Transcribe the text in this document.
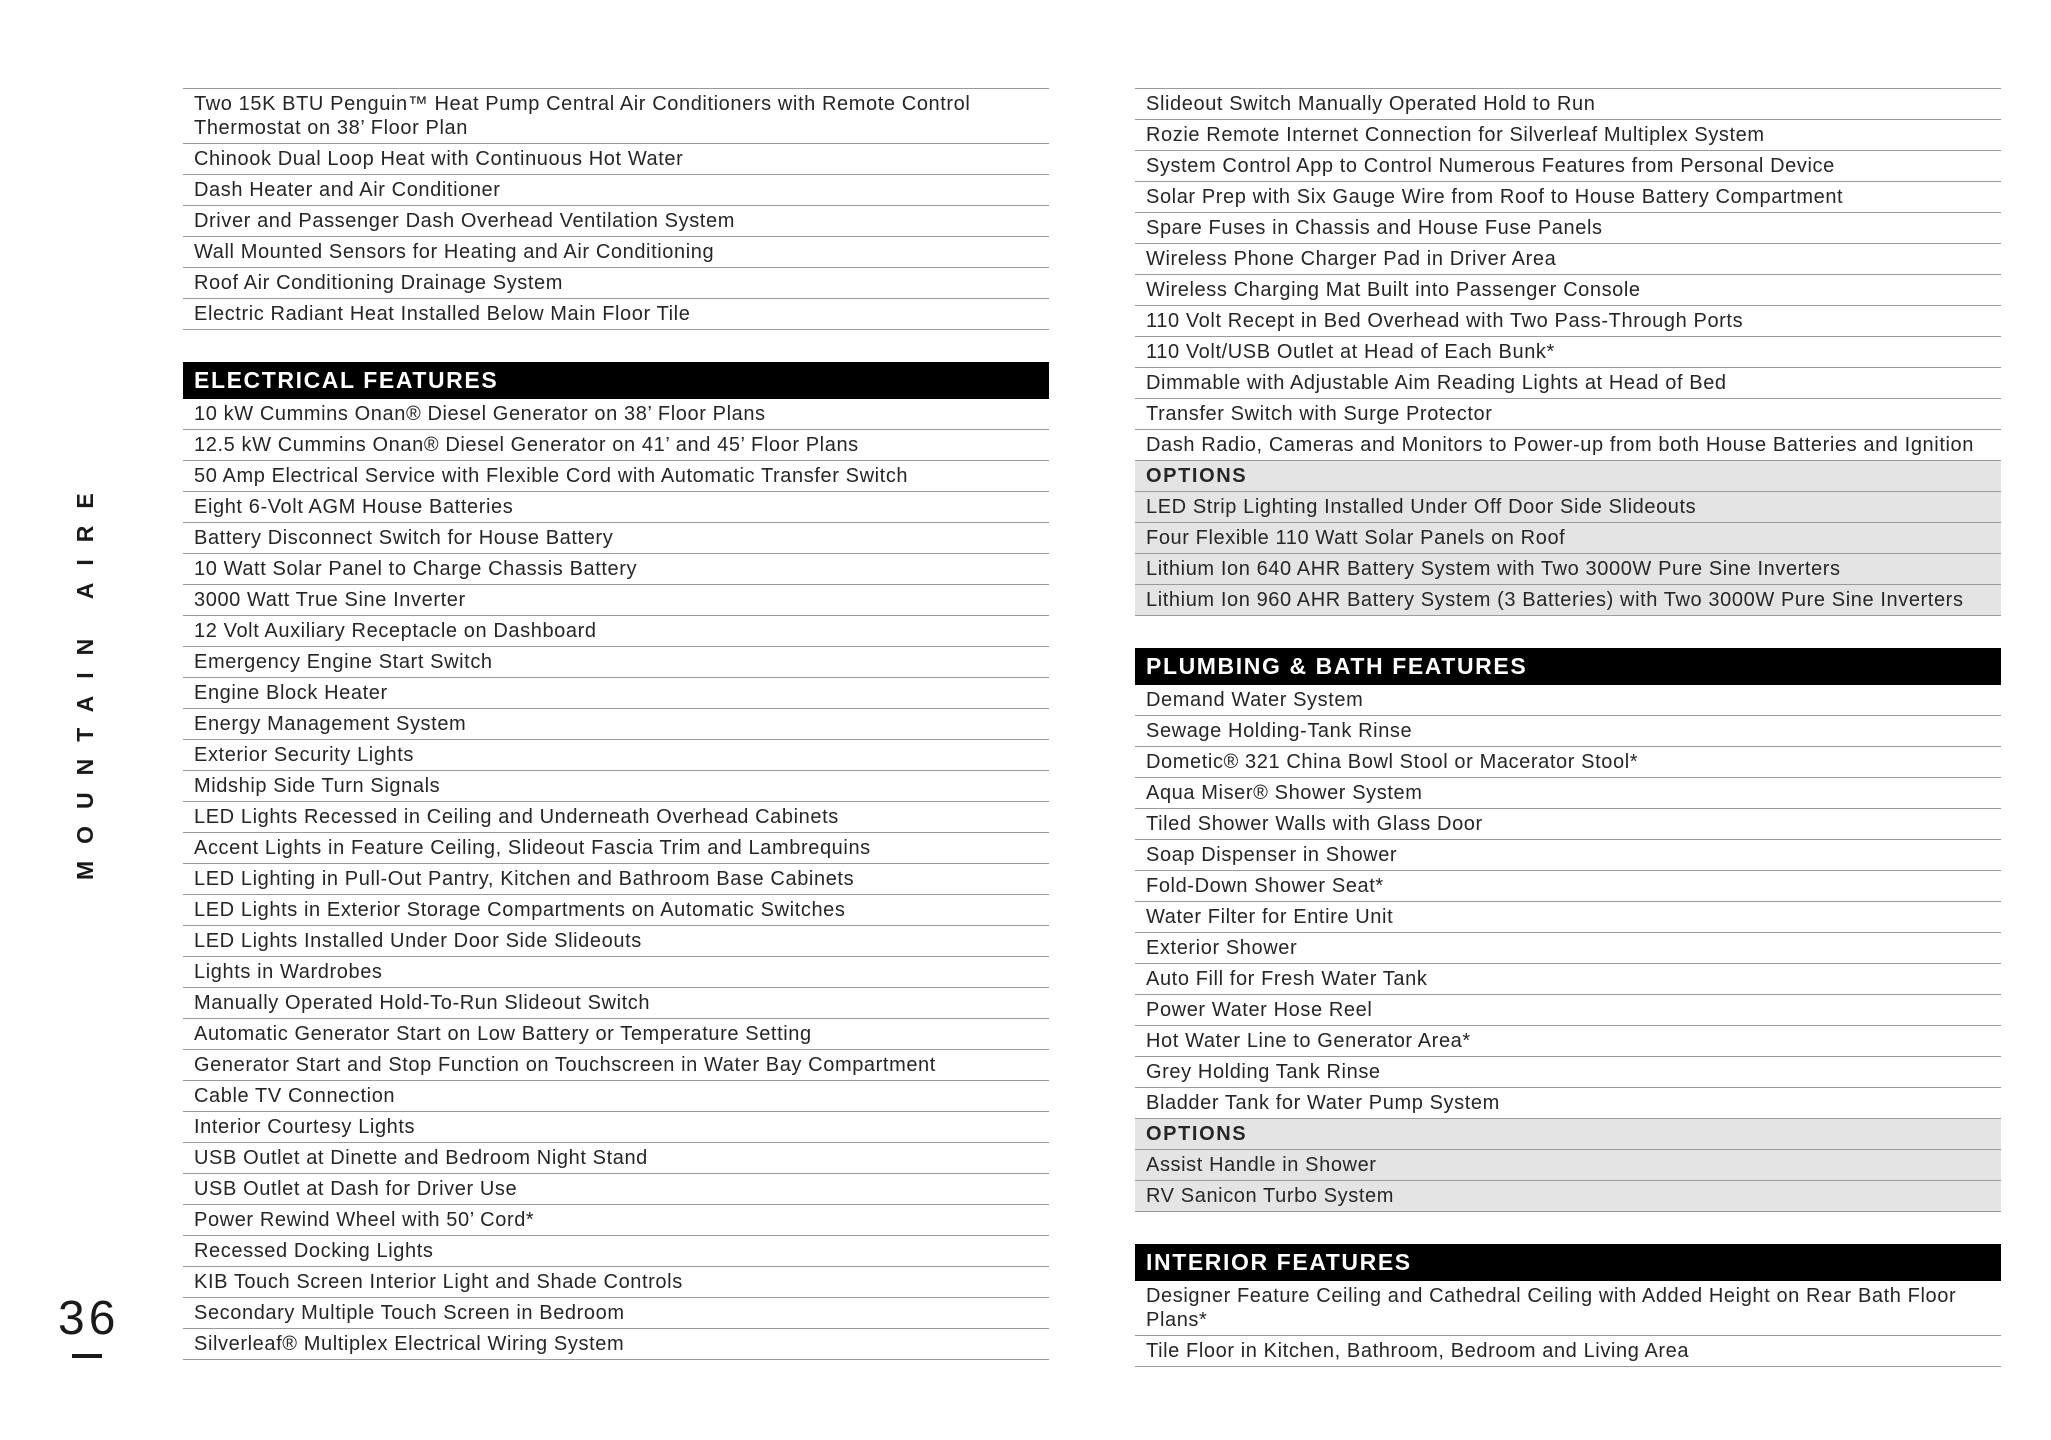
MOUNTAIN AIRE
36
Two 15K BTU Penguin™ Heat Pump Central Air Conditioners with Remote Control Thermostat on 38’ Floor Plan
Chinook Dual Loop Heat with Continuous Hot Water
Dash Heater and Air Conditioner
Driver and Passenger Dash Overhead Ventilation System
Wall Mounted Sensors for Heating and Air Conditioning
Roof Air Conditioning Drainage System
Electric Radiant Heat Installed Below Main Floor Tile
ELECTRICAL FEATURES
10 kW Cummins Onan® Diesel Generator on 38’ Floor Plans
12.5 kW Cummins Onan® Diesel Generator on 41’ and 45’ Floor Plans
50 Amp Electrical Service with Flexible Cord with Automatic Transfer Switch
Eight 6-Volt AGM House Batteries
Battery Disconnect Switch for House Battery
10 Watt Solar Panel to Charge Chassis Battery
3000 Watt True Sine Inverter
12 Volt Auxiliary Receptacle on Dashboard
Emergency Engine Start Switch
Engine Block Heater
Energy Management System
Exterior Security Lights
Midship Side Turn Signals
LED Lights Recessed in Ceiling and Underneath Overhead Cabinets
Accent Lights in Feature Ceiling, Slideout Fascia Trim and Lambrequins
LED Lighting in Pull-Out Pantry, Kitchen and Bathroom Base Cabinets
LED Lights in Exterior Storage Compartments on Automatic Switches
LED Lights Installed Under Door Side Slideouts
Lights in Wardrobes
Manually Operated Hold-To-Run Slideout Switch
Automatic Generator Start on Low Battery or Temperature Setting
Generator Start and Stop Function on Touchscreen in Water Bay Compartment
Cable TV Connection
Interior Courtesy Lights
USB Outlet at Dinette and Bedroom Night Stand
USB Outlet at Dash for Driver Use
Power Rewind Wheel with 50’ Cord*
Recessed Docking Lights
KIB Touch Screen Interior Light and Shade Controls
Secondary Multiple Touch Screen in Bedroom
Silverleaf® Multiplex Electrical Wiring System
Slideout Switch Manually Operated Hold to Run
Rozie Remote Internet Connection for Silverleaf Multiplex System
System Control App to Control Numerous Features from Personal Device
Solar Prep with Six Gauge Wire from Roof to House Battery Compartment
Spare Fuses in Chassis and House Fuse Panels
Wireless Phone Charger Pad in Driver Area
Wireless Charging Mat Built into Passenger Console
110 Volt Recept in Bed Overhead with Two Pass-Through Ports
110 Volt/USB Outlet at Head of Each Bunk*
Dimmable with Adjustable Aim Reading Lights at Head of Bed
Transfer Switch with Surge Protector
Dash Radio, Cameras and Monitors to Power-up from both House Batteries and Ignition
OPTIONS
LED Strip Lighting Installed Under Off Door Side Slideouts
Four Flexible 110 Watt Solar Panels on Roof
Lithium Ion 640 AHR Battery System with Two 3000W Pure Sine Inverters
Lithium Ion 960 AHR Battery System (3 Batteries) with Two 3000W Pure Sine Inverters
PLUMBING & BATH FEATURES
Demand Water System
Sewage Holding-Tank Rinse
Dometic® 321 China Bowl Stool or Macerator Stool*
Aqua Miser® Shower System
Tiled Shower Walls with Glass Door
Soap Dispenser in Shower
Fold-Down Shower Seat*
Water Filter for Entire Unit
Exterior Shower
Auto Fill for Fresh Water Tank
Power Water Hose Reel
Hot Water Line to Generator Area*
Grey Holding Tank Rinse
Bladder Tank for Water Pump System
OPTIONS
Assist Handle in Shower
RV Sanicon Turbo System
INTERIOR FEATURES
Designer Feature Ceiling and Cathedral Ceiling with Added Height on Rear Bath Floor Plans*
Tile Floor in Kitchen, Bathroom, Bedroom and Living Area
